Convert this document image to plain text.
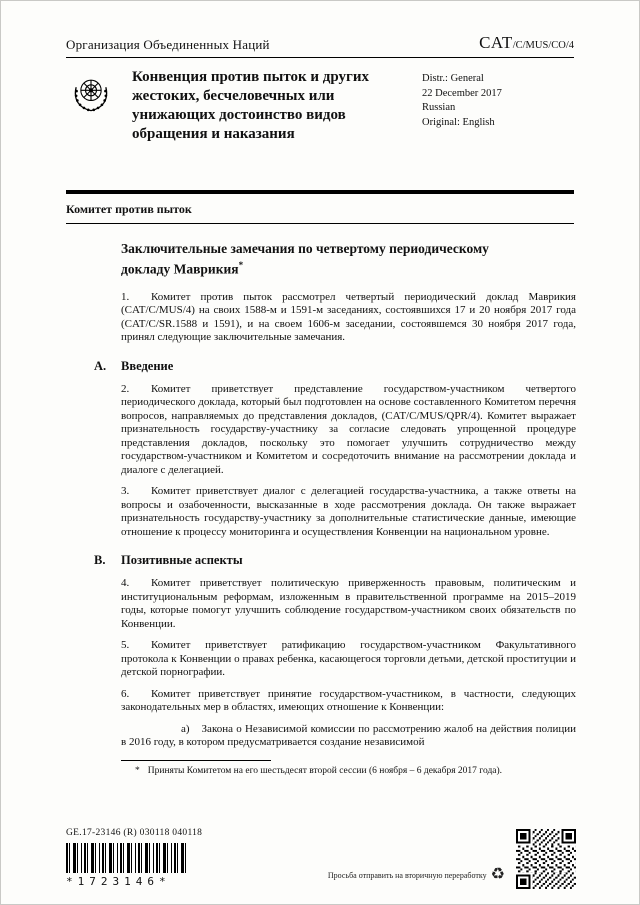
Организация Объединенных Наций	CAT/C/MUS/CO/4
Конвенция против пыток и других жестоких, бесчеловечных или унижающих достоинство видов обращения и наказания
Distr.: General
22 December 2017
Russian
Original: English
Комитет против пыток
Заключительные замечания по четвертому периодическому докладу Маврикия*
1. Комитет против пыток рассмотрел четвертый периодический доклад Маврикия (CAT/C/MUS/4) на своих 1588-м и 1591-м заседаниях, состоявшихся 17 и 20 ноября 2017 года (CAT/C/SR.1588 и 1591), и на своем 1606-м заседании, состоявшемся 30 ноября 2017 года, принял следующие заключительные замечания.
A.	Введение
2. Комитет приветствует представление государством-участником четвертого периодического доклада, который был подготовлен на основе составленного Комитетом перечня вопросов, направляемых до представления докладов, (CAT/C/MUS/QPR/4). Комитет выражает признательность государству-участнику за согласие следовать упрощенной процедуре представления докладов, поскольку это помогает улучшить сотрудничество между государством-участником и Комитетом и сосредоточить внимание на рассмотрении доклада и диалоге с делегацией.
3. Комитет приветствует диалог с делегацией государства-участника, а также ответы на вопросы и озабоченности, высказанные в ходе рассмотрения доклада. Он также выражает признательность государству-участнику за дополнительные статистические данные, имеющие отношение к процессу мониторинга и осуществления Конвенции на национальном уровне.
B.	Позитивные аспекты
4. Комитет приветствует политическую приверженность правовым, политическим и институциональным реформам, изложенным в правительственной программе на 2015–2019 годы, которые помогут улучшить соблюдение государством-участником своих обязательств по Конвенции.
5. Комитет приветствует ратификацию государством-участником Факультативного протокола к Конвенции о правах ребенка, касающегося торговли детьми, детской проституции и детской порнографии.
6. Комитет приветствует принятие государством-участником, в частности, следующих законодательных мер в областях, имеющих отношение к Конвенции:
a) Закона о Независимой комиссии по рассмотрению жалоб на действия полиции в 2016 году, в котором предусматривается создание независимой
* Приняты Комитетом на его шестьдесят второй сессии (6 ноября – 6 декабря 2017 года).
GE.17-23146 (R) 030118 040118
*1723146*	Просьба отправить на вторичную переработку ♻
